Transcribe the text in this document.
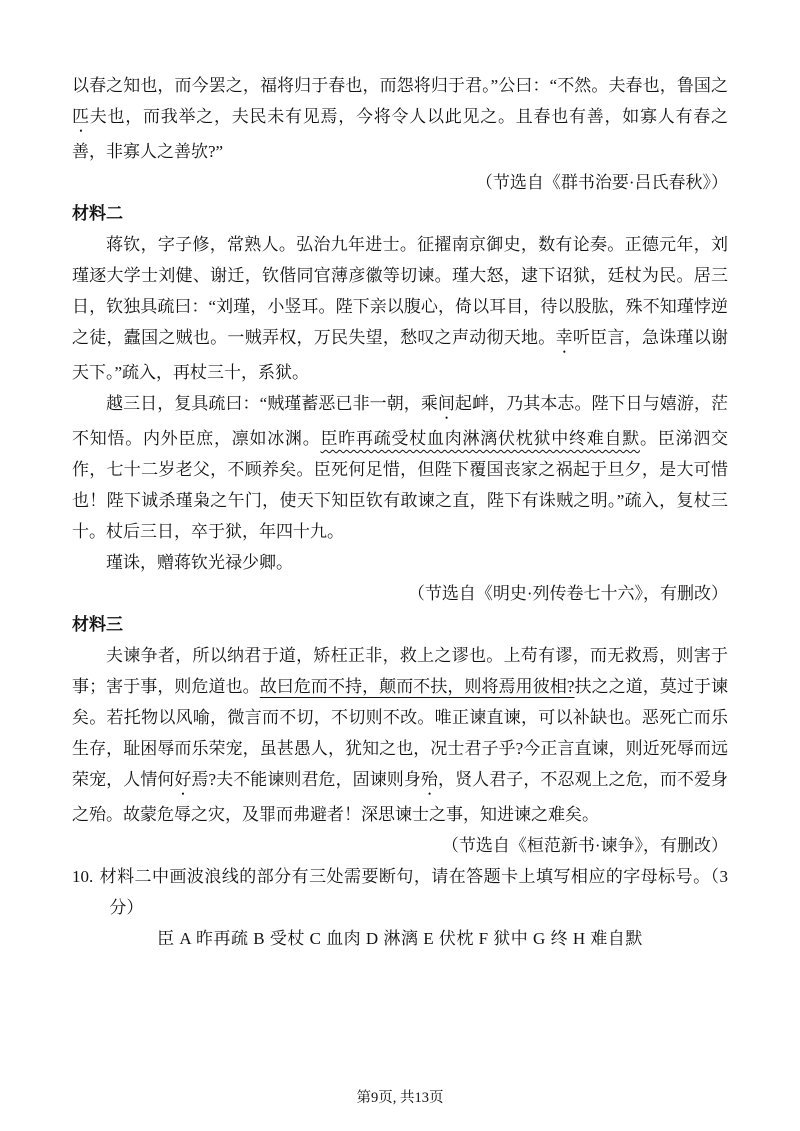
以春之知也，而今罢之，福将归于春也，而怨将归于君。”公曰：“不然。夫春也，鲁国之匹夫也，而我举之，夫民未有见焉，今将令人以此见之。且春也有善，如寡人有春之善，非寡人之善欤?”

（节选自《群书治要·吕氏春秋》）

材料二

蒋钦，字子修，常熟人。弘治九年进士。征擢南京御史，数有论奏。正德元年，刘瑾逐大学士刘健、谢迁，钦偕同官薄彦徽等切谏。瑾大怒，逮下诏狱，廷杖为民。居三日，钦独具疏曰：“刘瑾，小竖耳。陛下亲以腹心，倚以耳目，待以股肱，殊不知瑾悖逆之徒，蠹国之贼也。一贼弄权，万民失望，愁叹之声动彻天地。幸听臣言，急诛瑾以谢天下。”疏入，再杖三十，系狱。

越三日，复具疏曰：“贼瑾蓄恶已非一朝，乘间起衅，乃其本志。陛下日与嬉游，茫不知悟。内外臣庶，凛如冰渊。臣昨再疏受杖血肉淋漓伏枕狱中终难自默。臣涕泗交作，七十二岁老父，不顾养矣。臣死何足惜，但陛下覆国丧家之祸起于旦夕，是大可惜也！陛下诚杀瑾枭之午门，使天下知臣钦有敢谏之直，陛下有诛贼之明。”疏入，复杖三十。杖后三日，卒于狱，年四十九。

瑾诛，赠蒋钦光禄少卿。

（节选自《明史·列传卷七十六》，有删改）

材料三

夫谏争者，所以纳君于道，矫枉正非，救上之谬也。上苟有谬，而无救焉，则害于事；害于事，则危道也。故曰危而不持，颠而不扶，则将焉用彼相?扶之之道，莫过于谏矣。若托物以风喻，微言而不切，不切则不改。唯正谏直谏，可以补缺也。恶死亡而乐生存，耻困辱而乐荣宠，虽甚愚人，犹知之也，况士君子乎?今正言直谏，则近死辱而远荣宠，人情何好焉?夫不能谏则君危，固谏则身殆，贤人君子，不忍观上之危，而不爱身之殆。故蒙危辱之灾，及罪而弗避者！深思谏士之事，知进谏之难矣。

（节选自《桓范新书·谏争》，有删改）

10. 材料二中画波浪线的部分有三处需要断句，请在答题卡上填写相应的字母标号。（3分）

臣 A 昨再疏 B 受杖 C 血肉 D 淋漓 E 伏枕 F 狱中 G 终 H 难自默

第9页, 共13页
